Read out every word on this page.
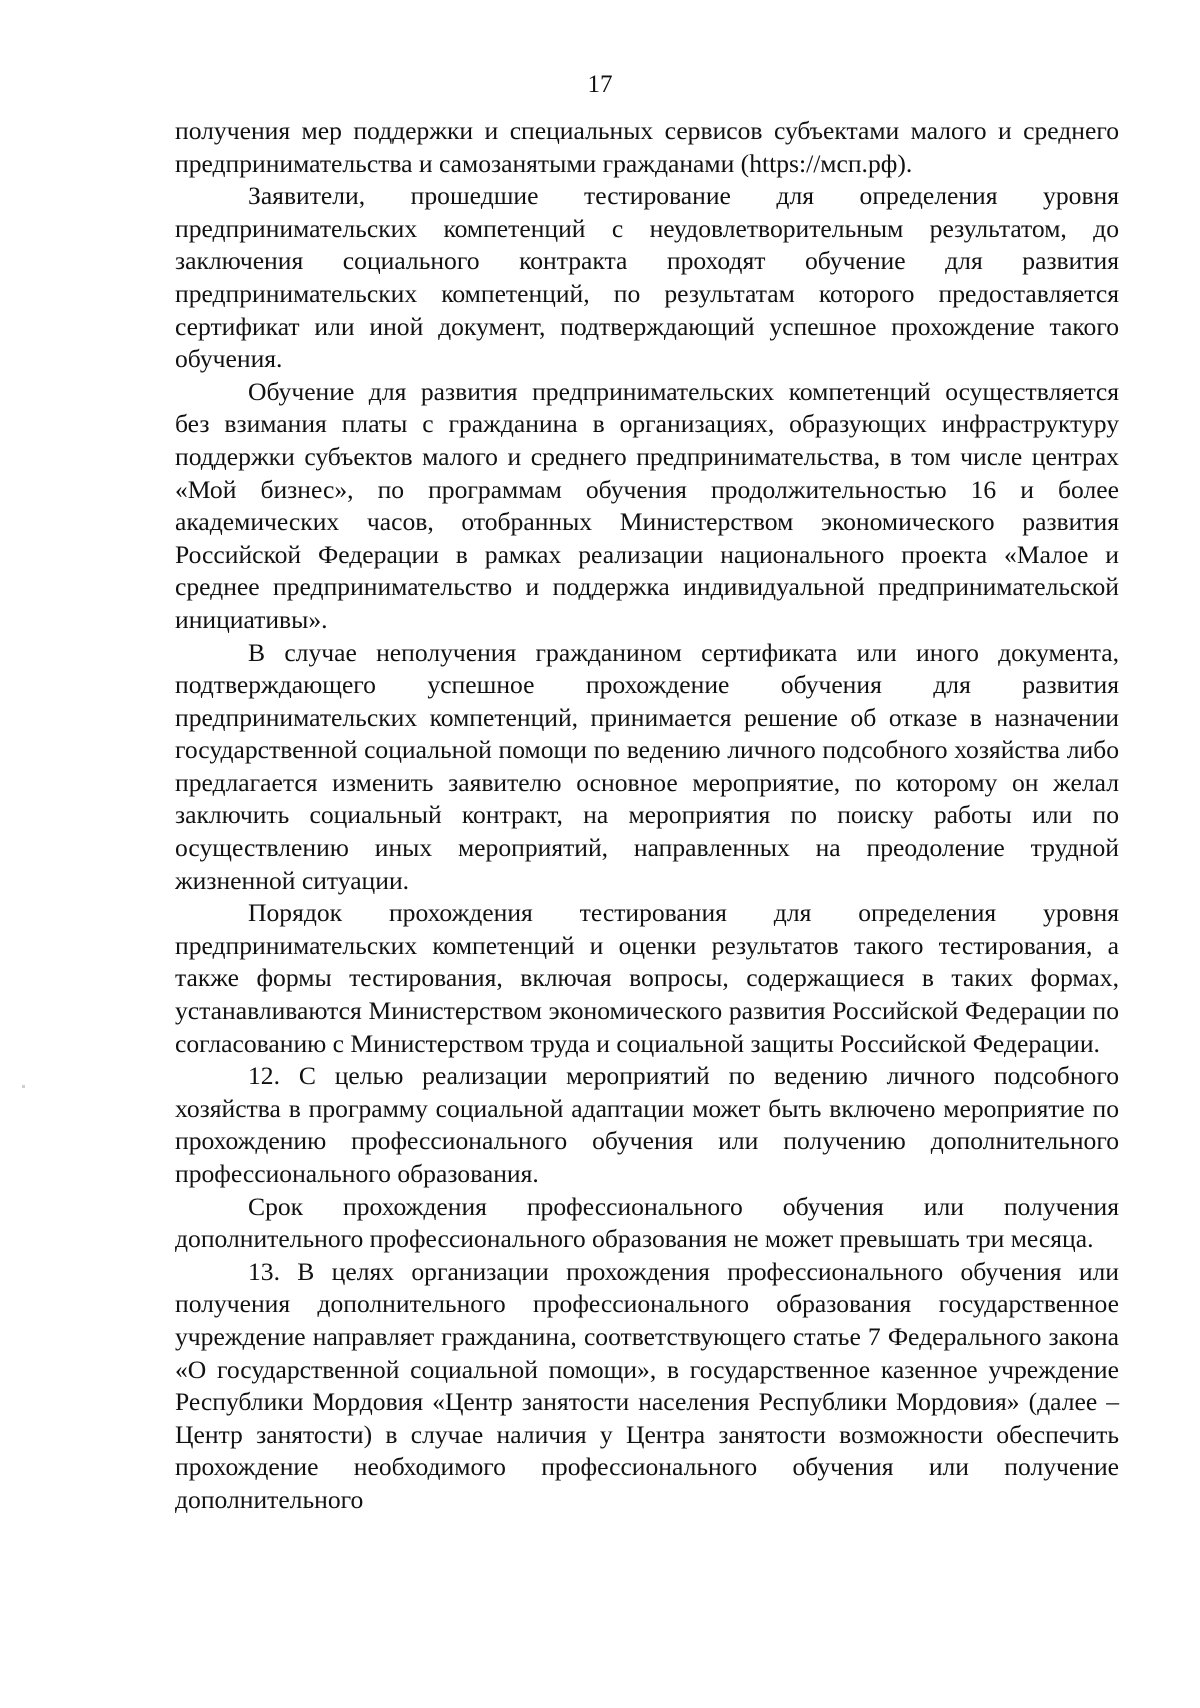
17

получения мер поддержки и специальных сервисов субъектами малого и среднего предпринимательства и самозанятыми гражданами (https://мсп.рф).

Заявители, прошедшие тестирование для определения уровня предпринимательских компетенций с неудовлетворительным результатом, до заключения социального контракта проходят обучение для развития предпринимательских компетенций, по результатам которого предоставляется сертификат или иной документ, подтверждающий успешное прохождение такого обучения.

Обучение для развития предпринимательских компетенций осуществляется без взимания платы с гражданина в организациях, образующих инфраструктуру поддержки субъектов малого и среднего предпринимательства, в том числе центрах «Мой бизнес», по программам обучения продолжительностью 16 и более академических часов, отобранных Министерством экономического развития Российской Федерации в рамках реализации национального проекта «Малое и среднее предпринимательство и поддержка индивидуальной предпринимательской инициативы».

В случае неполучения гражданином сертификата или иного документа, подтверждающего успешное прохождение обучения для развития предпринимательских компетенций, принимается решение об отказе в назначении государственной социальной помощи по ведению личного подсобного хозяйства либо предлагается изменить заявителю основное мероприятие, по которому он желал заключить социальный контракт, на мероприятия по поиску работы или по осуществлению иных мероприятий, направленных на преодоление трудной жизненной ситуации.

Порядок прохождения тестирования для определения уровня предпринимательских компетенций и оценки результатов такого тестирования, а также формы тестирования, включая вопросы, содержащиеся в таких формах, устанавливаются Министерством экономического развития Российской Федерации по согласованию с Министерством труда и социальной защиты Российской Федерации.

12. С целью реализации мероприятий по ведению личного подсобного хозяйства в программу социальной адаптации может быть включено мероприятие по прохождению профессионального обучения или получению дополнительного профессионального образования.

Срок прохождения профессионального обучения или получения дополнительного профессионального образования не может превышать три месяца.

13. В целях организации прохождения профессионального обучения или получения дополнительного профессионального образования государственное учреждение направляет гражданина, соответствующего статье 7 Федерального закона «О государственной социальной помощи», в государственное казенное учреждение Республики Мордовия «Центр занятости населения Республики Мордовия» (далее – Центр занятости) в случае наличия у Центра занятости возможности обеспечить прохождение необходимого профессионального обучения или получение дополнительного
